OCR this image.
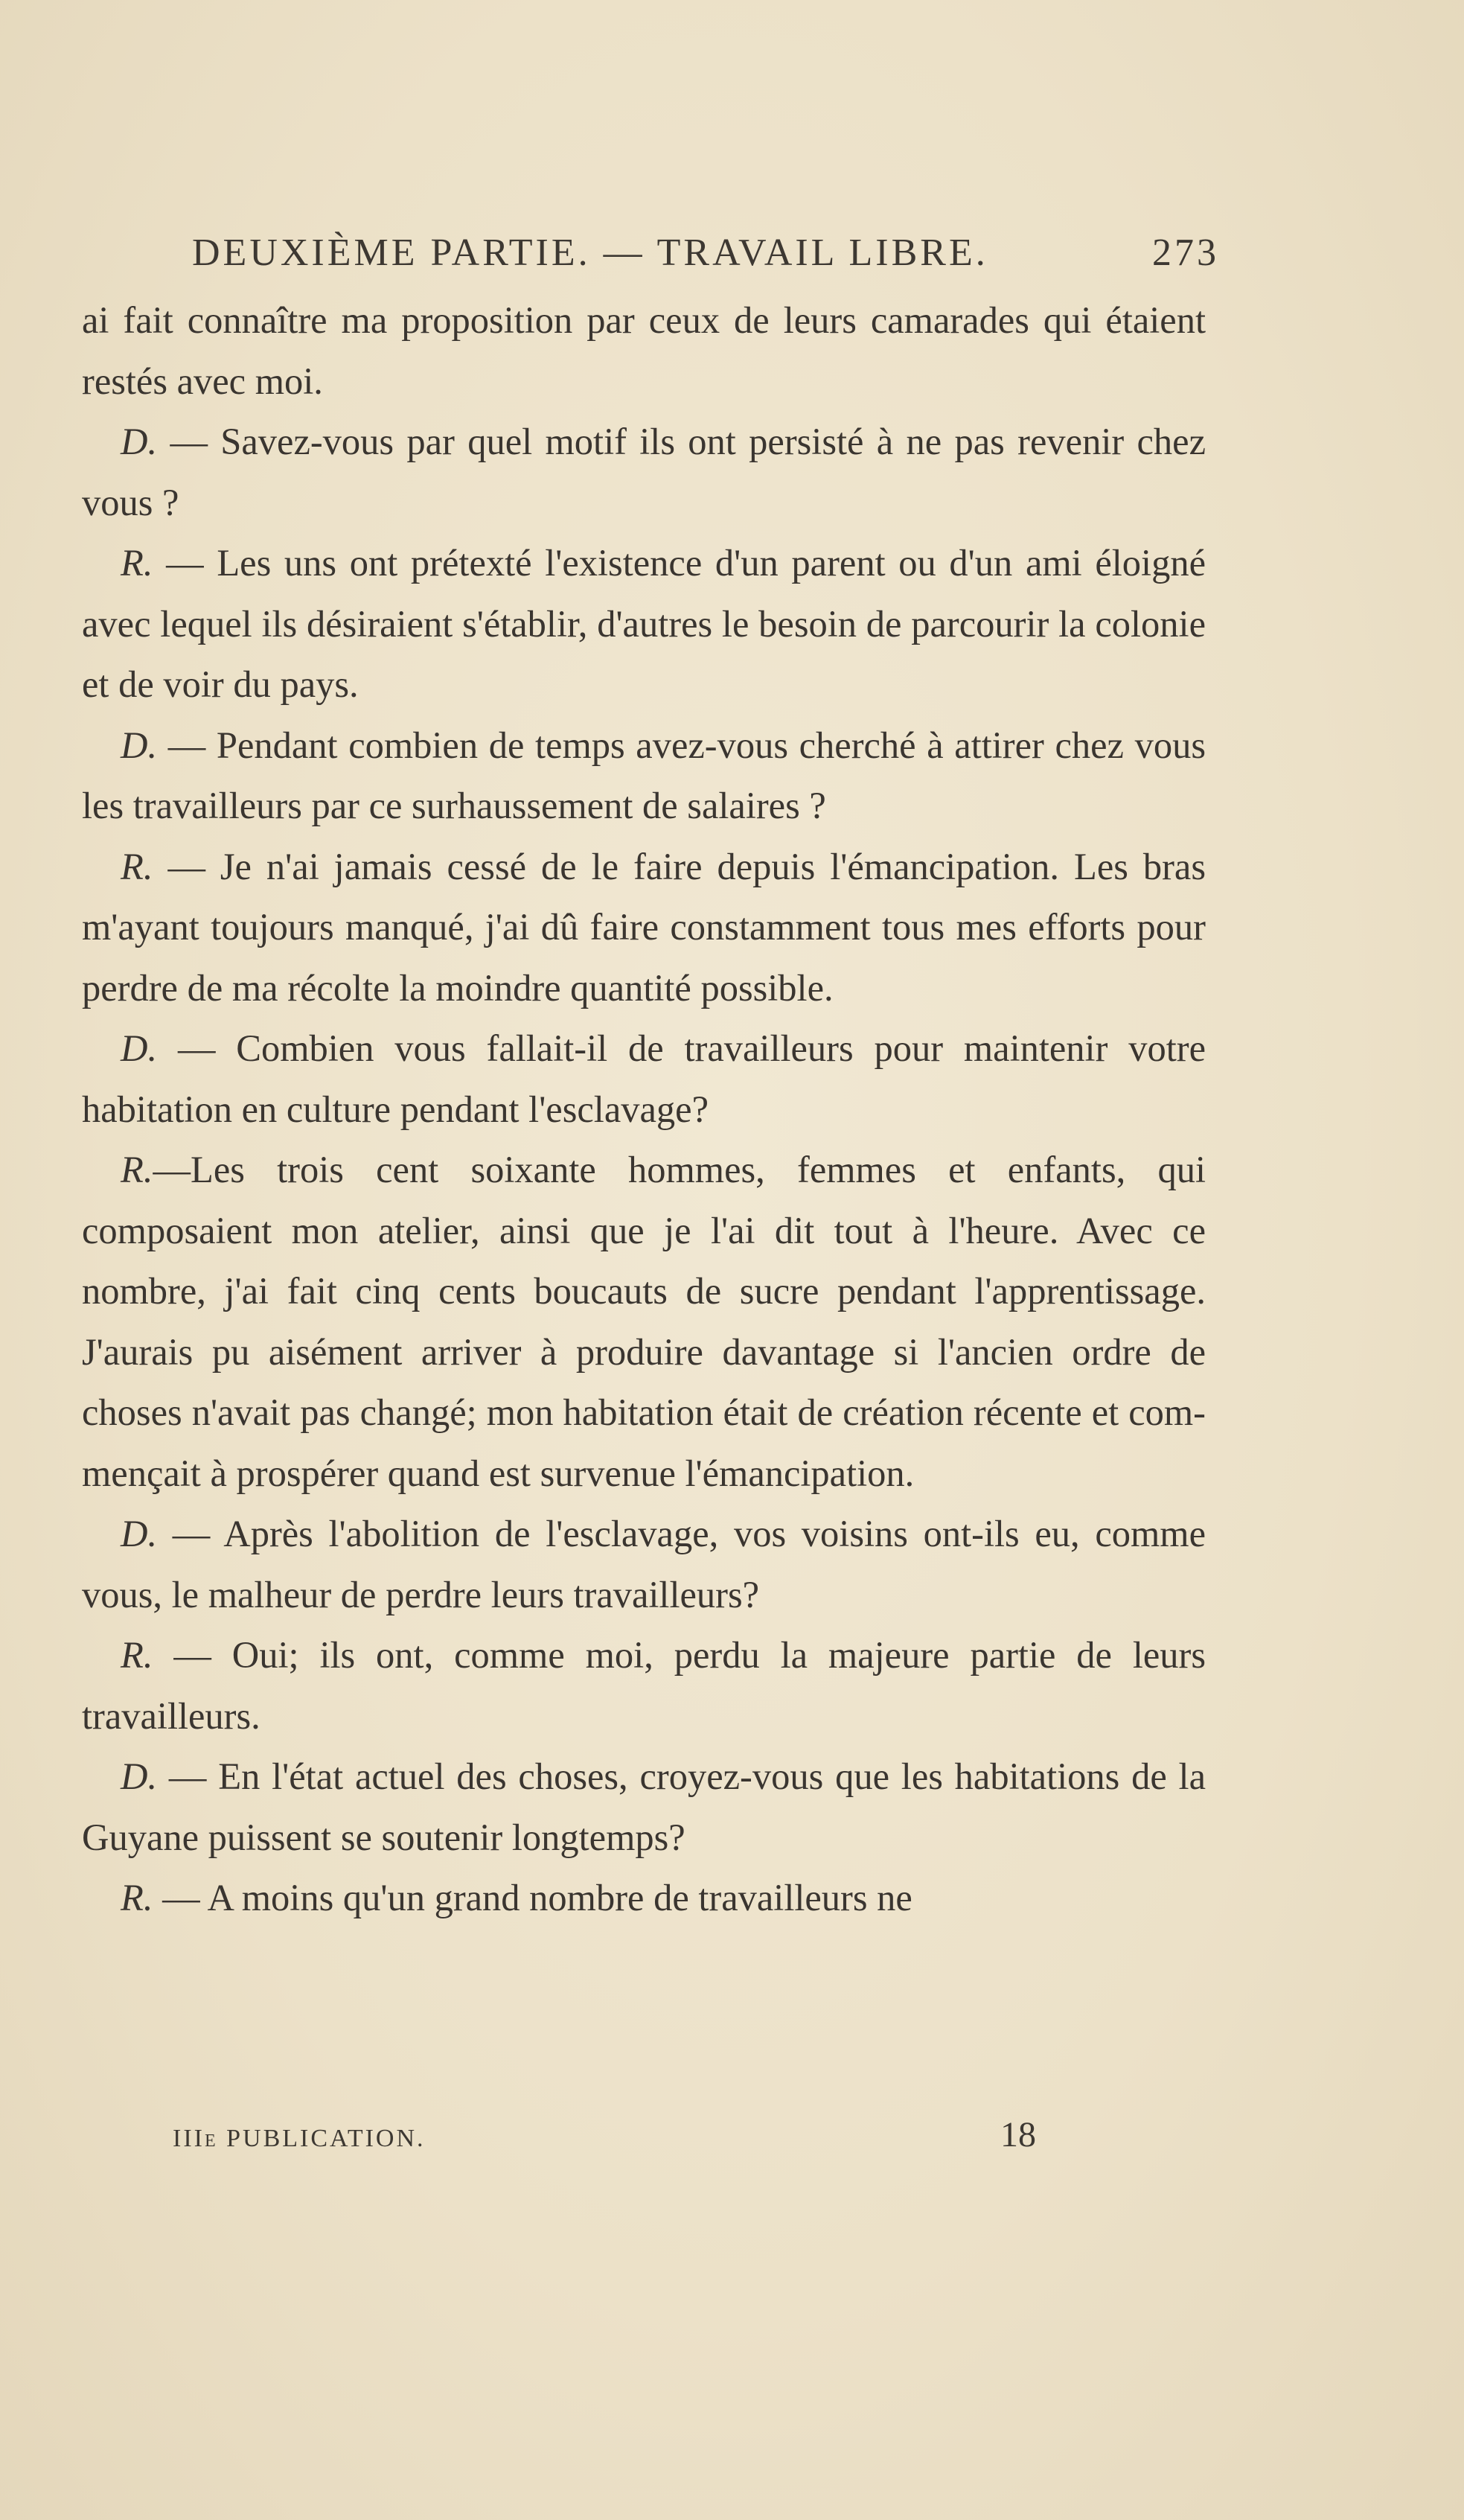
DEUXIÈME PARTIE. — TRAVAIL LIBRE.	273

ai fait connaître ma proposition par ceux de leurs camarades qui étaient restés avec moi.

D. — Savez-vous par quel motif ils ont persisté à ne pas revenir chez vous ?

R. — Les uns ont prétexté l'existence d'un parent ou d'un ami éloigné avec lequel ils désiraient s'établir, d'autres le besoin de parcourir la colonie et de voir du pays.

D. — Pendant combien de temps avez-vous cherché à attirer chez vous les travailleurs par ce surhaussement de salaires ?

R. — Je n'ai jamais cessé de le faire depuis l'émancipation. Les bras m'ayant toujours manqué, j'ai dû faire constamment tous mes efforts pour perdre de ma récolte la moindre quantité possible.

D. — Combien vous fallait-il de travailleurs pour maintenir votre habitation en culture pendant l'esclavage?

R.—Les trois cent soixante hommes, femmes et enfants, qui composaient mon atelier, ainsi que je l'ai dit tout à l'heure. Avec ce nombre, j'ai fait cinq cents boucauts de sucre pendant l'apprentissage. J'aurais pu aisément arriver à produire davantage si l'ancien ordre de choses n'avait pas changé; mon habitation était de création récente et commençait à prospérer quand est survenue l'émancipation.

D. — Après l'abolition de l'esclavage, vos voisins ont-ils eu, comme vous, le malheur de perdre leurs travailleurs?

R. — Oui; ils ont, comme moi, perdu la majeure partie de leurs travailleurs.

D. — En l'état actuel des choses, croyez-vous que les habitations de la Guyane puissent se soutenir longtemps?

R. — A moins qu'un grand nombre de travailleurs ne

IIIe PUBLICATION.	18
